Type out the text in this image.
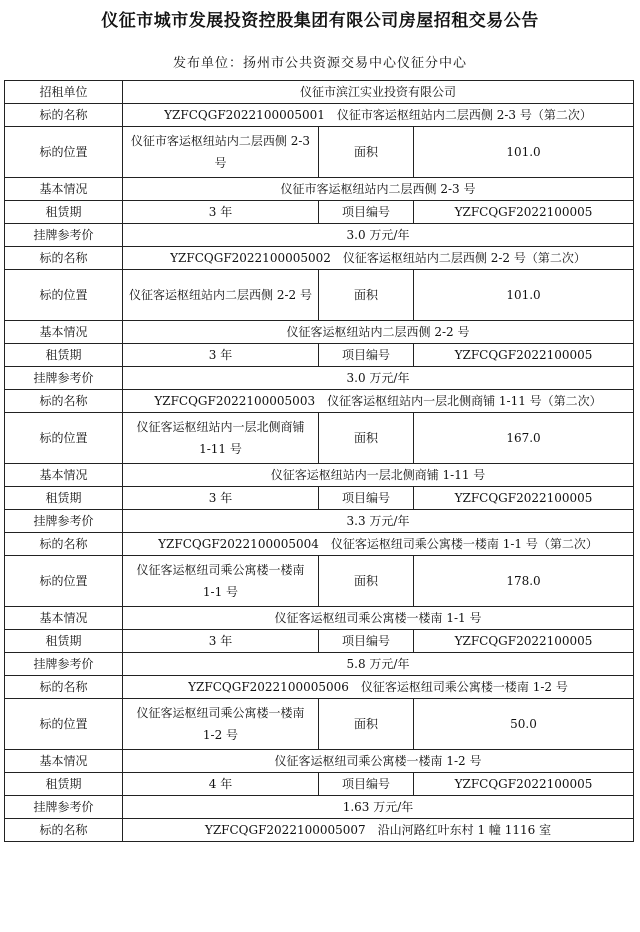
仪征市城市发展投资控股集团有限公司房屋招租交易公告
发布单位：扬州市公共资源交易中心仪征分中心
招租单位	仪征市滨江实业投资有限公司		
标的名称	YZFCQGF2022100005001　仪征市客运枢纽站内二层西侧 2-3 号（第二次）		
标的位置	仪征市客运枢纽站内二层西侧 2-3 号	面积	101.0
基本情况	仪征市客运枢纽站内二层西侧 2-3 号		
租赁期	3 年	项目编号	YZFCQGF2022100005
挂牌参考价	3.0 万元/年		
标的名称	YZFCQGF2022100005002　仪征客运枢纽站内二层西侧 2-2 号（第二次）		
标的位置	仪征客运枢纽站内二层西侧 2-2 号	面积	101.0
基本情况	仪征客运枢纽站内二层西侧 2-2 号		
租赁期	3 年	项目编号	YZFCQGF2022100005
挂牌参考价	3.0 万元/年		
标的名称	YZFCQGF2022100005003　仪征客运枢纽站内一层北侧商铺 1-11 号（第二次）		
标的位置	仪征客运枢纽站内一层北侧商铺 1-11 号	面积	167.0
基本情况	仪征客运枢纽站内一层北侧商铺 1-11 号		
租赁期	3 年	项目编号	YZFCQGF2022100005
挂牌参考价	3.3 万元/年		
标的名称	YZFCQGF2022100005004　仪征客运枢纽司乘公寓楼一楼南 1-1 号（第二次）		
标的位置	仪征客运枢纽司乘公寓楼一楼南 1-1 号	面积	178.0
基本情况	仪征客运枢纽司乘公寓楼一楼南 1-1 号		
租赁期	3 年	项目编号	YZFCQGF2022100005
挂牌参考价	5.8 万元/年		
标的名称	YZFCQGF2022100005006　仪征客运枢纽司乘公寓楼一楼南 1-2 号		
标的位置	仪征客运枢纽司乘公寓楼一楼南 1-2 号	面积	50.0
基本情况	仪征客运枢纽司乘公寓楼一楼南 1-2 号		
租赁期	4 年	项目编号	YZFCQGF2022100005
挂牌参考价	1.63 万元/年		
标的名称	YZFCQGF2022100005007　沿山河路红叶东村 1 幢 1116 室		
